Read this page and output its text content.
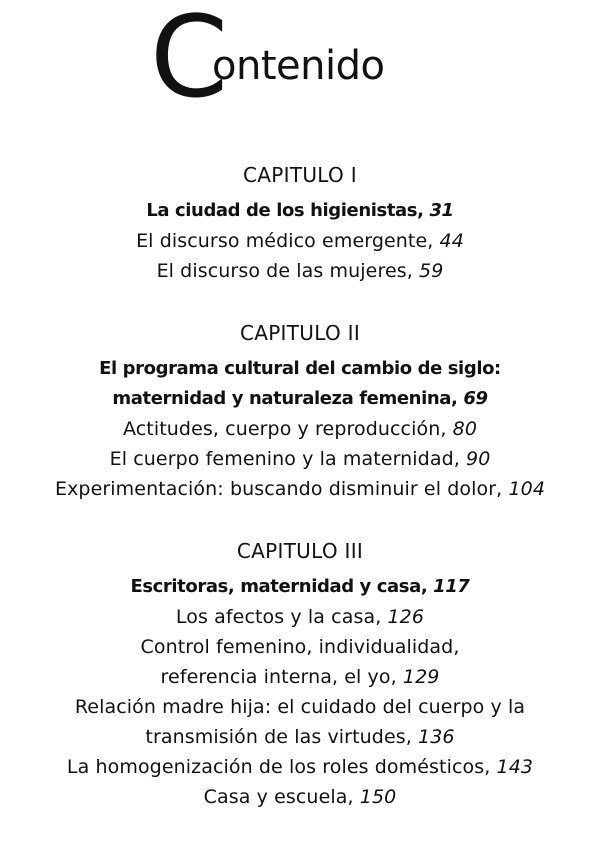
C
ontenido

CAPITULO I

La ciudad de los higienistas, 31

El discurso médico emergente, 44

El discurso de las mujeres, 59

CAPITULO II

El programa cultural del cambio de siglo:

maternidad y naturaleza femenina, 69

Actitudes, cuerpo y reproducción, 80

El cuerpo femenino y la maternidad, 90

Experimentación: buscando disminuir el dolor, 104

CAPITULO III

Escritoras, maternidad y casa, 117

Los afectos y la casa, 126

Control femenino, individualidad,

referencia interna, el yo, 129

Relación madre hija: el cuidado del cuerpo y la

transmisión de las virtudes, 136

La homogenización de los roles domésticos, 143

Casa y escuela, 150
